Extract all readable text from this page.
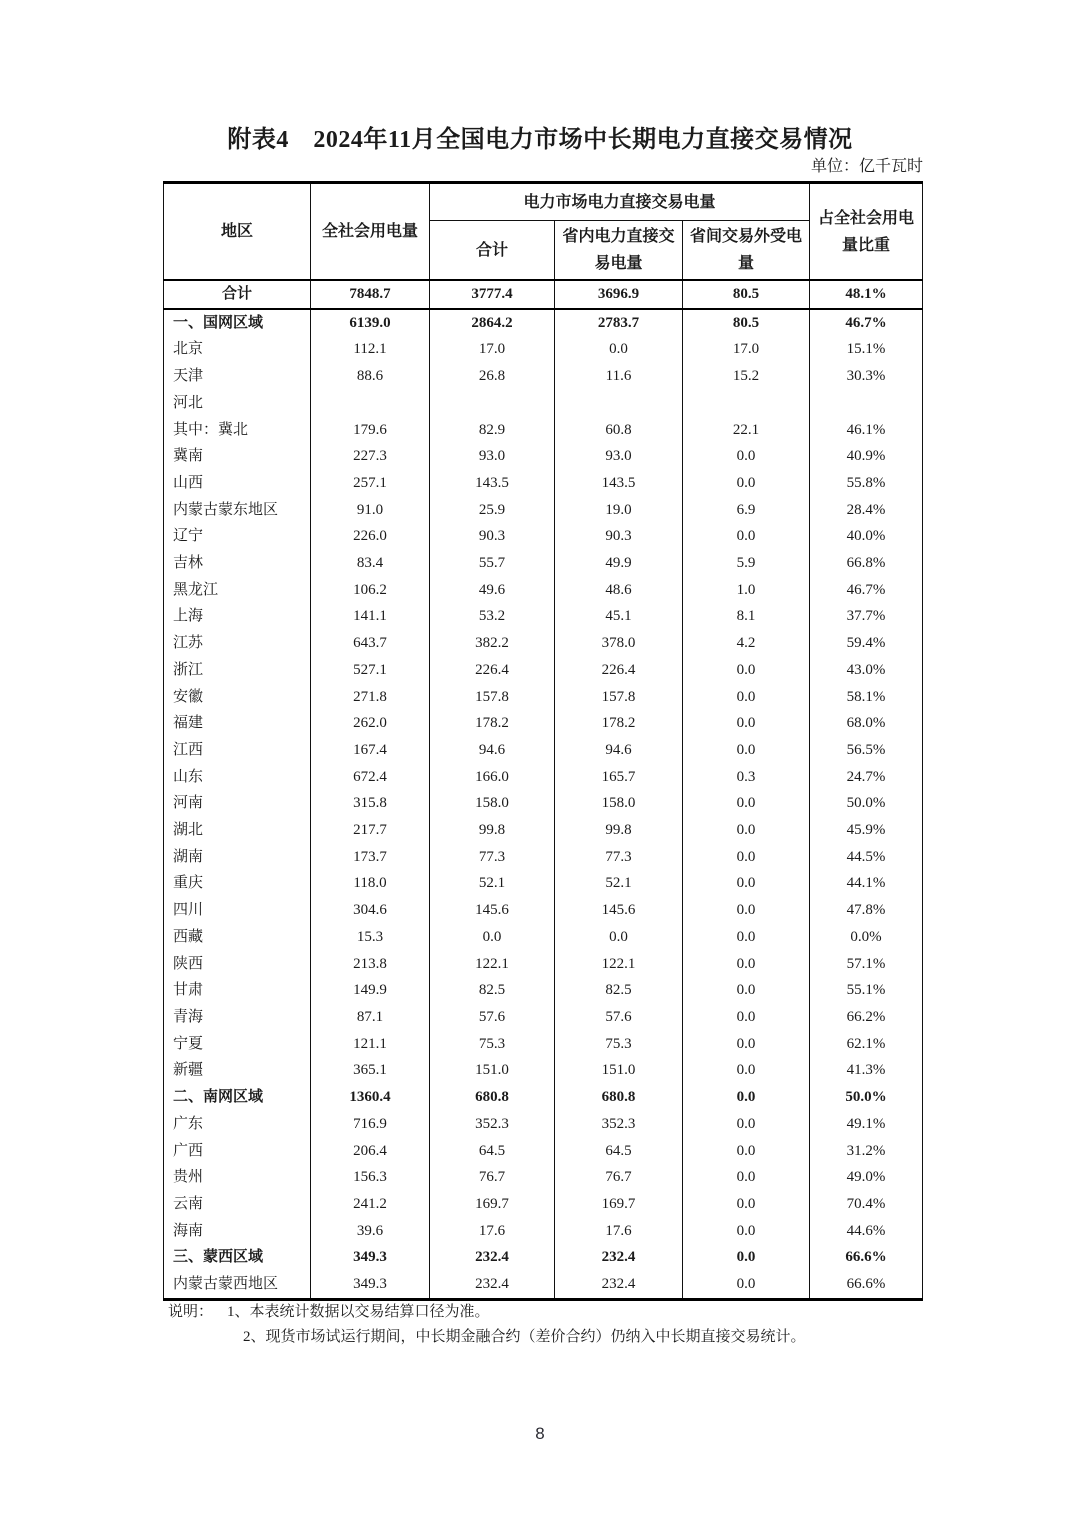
附表4　2024年11月全国电力市场中长期电力直接交易情况
单位：亿千瓦时
地区	全社会用电量	电力市场电力直接交易电量			占全社会用电量比重
		合计	省内电力直接交易电量	省间交易外受电量	
合计	7848.7	3777.4	3696.9	80.5	48.1%
一、国网区域	6139.0	2864.2	2783.7	80.5	46.7%
北京	112.1	17.0	0.0	17.0	15.1%
天津	88.6	26.8	11.6	15.2	30.3%
河北					
其中：冀北	179.6	82.9	60.8	22.1	46.1%
冀南	227.3	93.0	93.0	0.0	40.9%
山西	257.1	143.5	143.5	0.0	55.8%
内蒙古蒙东地区	91.0	25.9	19.0	6.9	28.4%
辽宁	226.0	90.3	90.3	0.0	40.0%
吉林	83.4	55.7	49.9	5.9	66.8%
黑龙江	106.2	49.6	48.6	1.0	46.7%
上海	141.1	53.2	45.1	8.1	37.7%
江苏	643.7	382.2	378.0	4.2	59.4%
浙江	527.1	226.4	226.4	0.0	43.0%
安徽	271.8	157.8	157.8	0.0	58.1%
福建	262.0	178.2	178.2	0.0	68.0%
江西	167.4	94.6	94.6	0.0	56.5%
山东	672.4	166.0	165.7	0.3	24.7%
河南	315.8	158.0	158.0	0.0	50.0%
湖北	217.7	99.8	99.8	0.0	45.9%
湖南	173.7	77.3	77.3	0.0	44.5%
重庆	118.0	52.1	52.1	0.0	44.1%
四川	304.6	145.6	145.6	0.0	47.8%
西藏	15.3	0.0	0.0	0.0	0.0%
陕西	213.8	122.1	122.1	0.0	57.1%
甘肃	149.9	82.5	82.5	0.0	55.1%
青海	87.1	57.6	57.6	0.0	66.2%
宁夏	121.1	75.3	75.3	0.0	62.1%
新疆	365.1	151.0	151.0	0.0	41.3%
二、南网区域	1360.4	680.8	680.8	0.0	50.0%
广东	716.9	352.3	352.3	0.0	49.1%
广西	206.4	64.5	64.5	0.0	31.2%
贵州	156.3	76.7	76.7	0.0	49.0%
云南	241.2	169.7	169.7	0.0	70.4%
海南	39.6	17.6	17.6	0.0	44.6%
三、蒙西区域	349.3	232.4	232.4	0.0	66.6%
内蒙古蒙西地区	349.3	232.4	232.4	0.0	66.6%
说明： 1、本表统计数据以交易结算口径为准。
2、现货市场试运行期间，中长期金融合约（差价合约）仍纳入中长期直接交易统计。
8
